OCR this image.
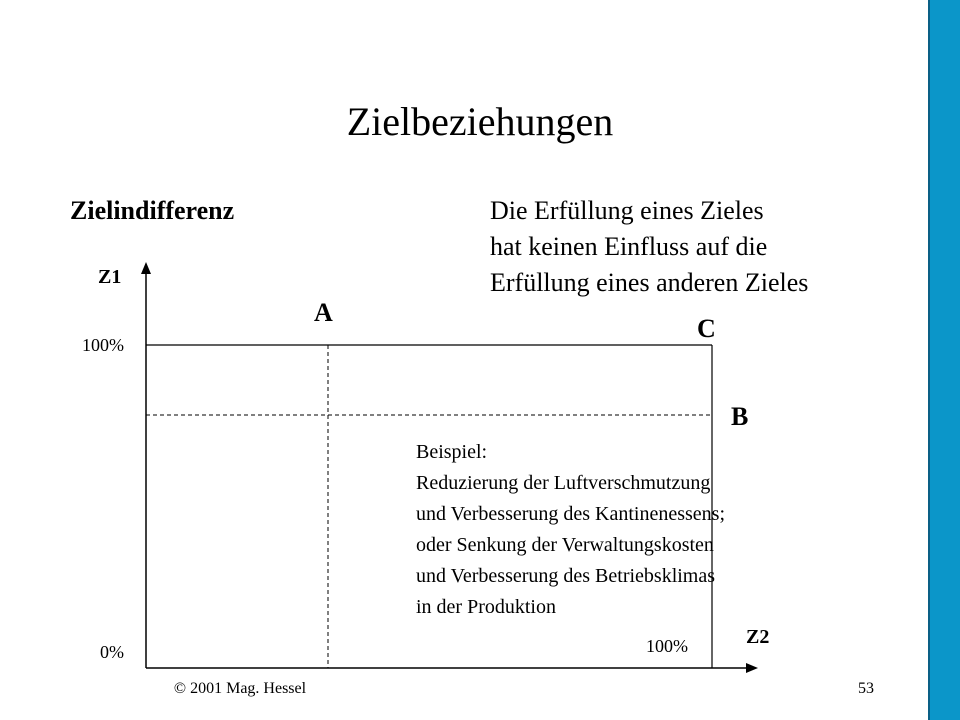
Zielbeziehungen
Zielindifferenz	Die Erfüllung eines Zieles
hat keinen Einfluss auf die
Erfüllung eines anderen Zieles
Z1
Z2
100%
0%	100%
A
B
C
Beispiel:
Reduzierung der Luftverschmutzung
und Verbesserung des Kantinenessens;
oder Senkung der Verwaltungskosten
und Verbesserung des Betriebsklimas
in der Produktion
© 2001 Mag. Hessel	53
